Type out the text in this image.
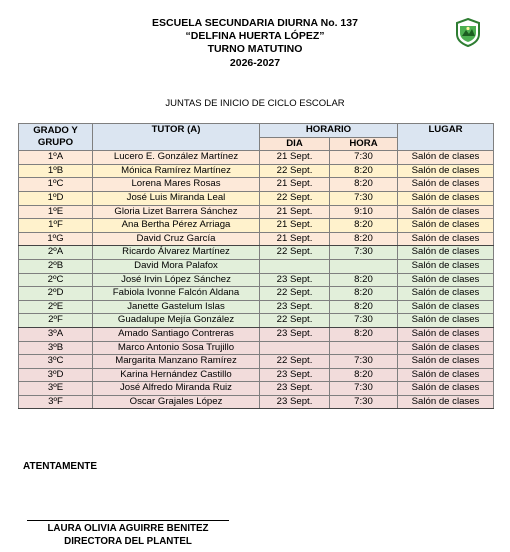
ESCUELA SECUNDARIA DIURNA No. 137
“DELFINA HUERTA LÓPEZ”
TURNO MATUTINO
2026-2027
JUNTAS DE INICIO DE CICLO ESCOLAR
GRADO Y
GRUPO	TUTOR (A)	HORARIO		LUGAR
		DIA	HORA	
1ºA	Lucero E. González Martínez	21 Sept.	7:30	Salón de clases
1ºB	Mónica Ramírez Martínez	22 Sept.	8:20	Salón de clases
1ºC	Lorena Mares Rosas	21 Sept.	8:20	Salón de clases
1ºD	José Luis Miranda Leal	22 Sept.	7:30	Salón de clases
1ºE	Gloria Lizet Barrera Sánchez	21 Sept.	9:10	Salón de clases
1ºF	Ana Bertha Pérez Arriaga	21 Sept.	8:20	Salón de clases
1ºG	David Cruz García	21 Sept.	8:20	Salón de clases
2ºA	Ricardo Álvarez Martínez	22 Sept.	7:30	Salón de clases
2ºB	David Mora Palafox			Salón de clases
2ºC	José Irvin López Sánchez	23 Sept.	8:20	Salón de clases
2ºD	Fabiola Ivonne Falcón Aldana	22 Sept.	8:20	Salón de clases
2ºE	Janette Gastelum Islas	23 Sept.	8:20	Salón de clases
2ºF	Guadalupe Mejía González	22 Sept.	7:30	Salón de clases
3ºA	Amado Santiago Contreras	23 Sept.	8:20	Salón de clases
3ºB	Marco Antonio Sosa Trujillo			Salón de clases
3ºC	Margarita Manzano Ramírez	22 Sept.	7:30	Salón de clases
3ºD	Karina Hernández Castillo	23 Sept.	8:20	Salón de clases
3ºE	José Alfredo Miranda Ruiz	23 Sept.	7:30	Salón de clases
3ºF	Oscar Grajales López	23 Sept.	7:30	Salón de clases
ATENTAMENTE
LAURA OLIVIA AGUIRRE BENITEZ
DIRECTORA DEL PLANTEL
